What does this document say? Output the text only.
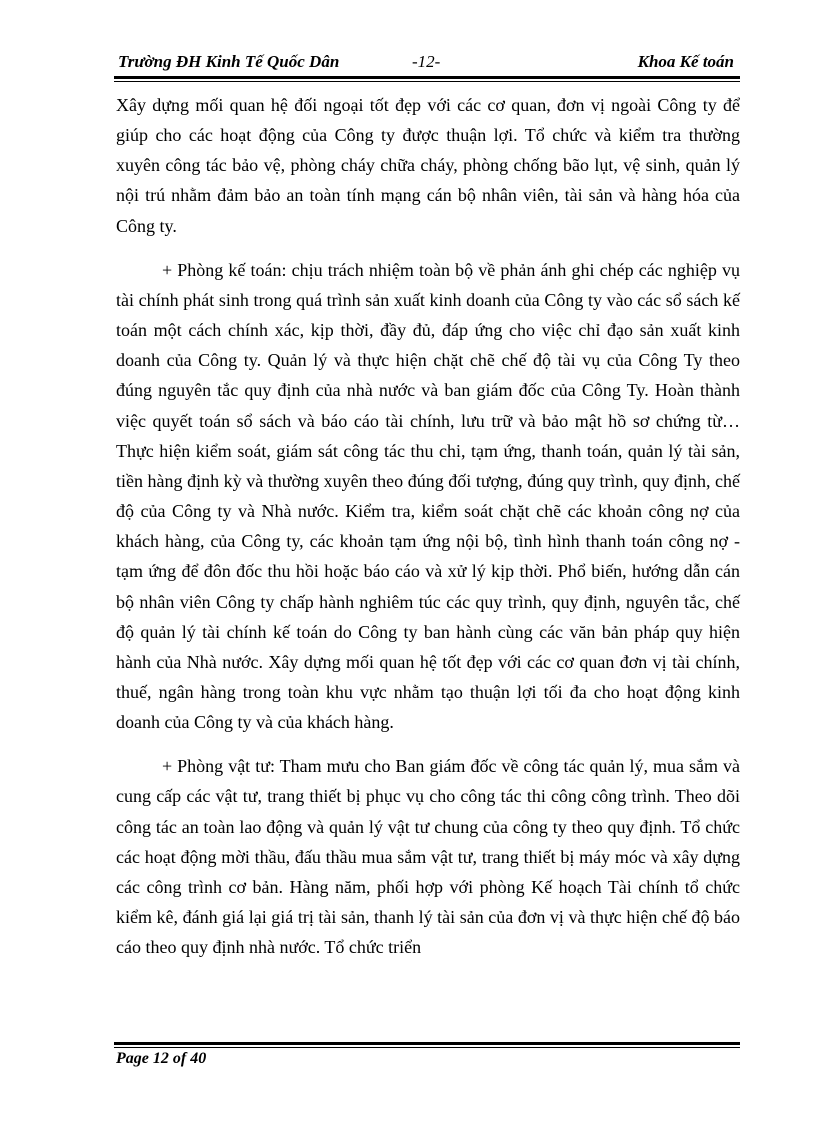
Trường ĐH Kinh Tế Quốc Dân	-12-	Khoa Kế toán

Xây dựng mối quan hệ đối ngoại tốt đẹp với các cơ quan, đơn vị ngoài Công ty để giúp cho các hoạt động của Công ty được thuận lợi. Tổ chức và kiểm tra thường xuyên công tác bảo vệ, phòng cháy chữa cháy, phòng chống bão lụt, vệ sinh, quản lý nội trú nhằm đảm bảo an toàn tính mạng cán bộ nhân viên, tài sản và hàng hóa của Công ty.

+ Phòng kế toán: chịu trách nhiệm toàn bộ về phản ánh ghi chép các nghiệp vụ tài chính phát sinh trong quá trình sản xuất kinh doanh của Công ty vào các sổ sách kế toán một cách chính xác, kịp thời, đầy đủ, đáp ứng cho việc chỉ đạo sản xuất kinh doanh của Công ty. Quản lý và thực hiện chặt chẽ chế độ tài vụ của Công Ty theo đúng nguyên tắc quy định của nhà nước và ban giám đốc của Công Ty. Hoàn thành việc quyết toán sổ sách và báo cáo tài chính, lưu trữ và bảo mật hồ sơ chứng từ… Thực hiện kiểm soát, giám sát công tác thu chi, tạm ứng, thanh toán, quản lý tài sản, tiền hàng định kỳ và thường xuyên theo đúng đối tượng, đúng quy trình, quy định, chế độ của Công ty và Nhà nước. Kiểm tra, kiểm soát chặt chẽ các khoản công nợ của khách hàng, của Công ty, các khoản tạm ứng nội bộ, tình hình thanh toán công nợ - tạm ứng để đôn đốc thu hồi hoặc báo cáo và xử lý kịp thời. Phổ biến, hướng dẫn cán bộ nhân viên Công ty chấp hành nghiêm túc các quy trình, quy định, nguyên tắc, chế độ quản lý tài chính kế toán do Công ty ban hành cùng các văn bản pháp quy hiện hành của Nhà nước. Xây dựng mối quan hệ tốt đẹp với các cơ quan đơn vị tài chính, thuế, ngân hàng trong toàn khu vực nhằm tạo thuận lợi tối đa cho hoạt động kinh doanh của Công ty và của khách hàng.

+ Phòng vật tư: Tham mưu cho Ban giám đốc về công tác quản lý, mua sắm và cung cấp các vật tư, trang thiết bị phục vụ cho công tác thi công công trình. Theo dõi công tác an toàn lao động và quản lý vật tư chung của công ty theo quy định. Tổ chức các hoạt động mời thầu, đấu thầu mua sắm vật tư, trang thiết bị máy móc và xây dựng các công trình cơ bản. Hàng năm, phối hợp với phòng Kế hoạch Tài chính tổ chức kiểm kê, đánh giá lại giá trị tài sản, thanh lý tài sản của đơn vị và thực hiện chế độ báo cáo theo quy định nhà nước. Tổ chức triển

Page 12 of 40
